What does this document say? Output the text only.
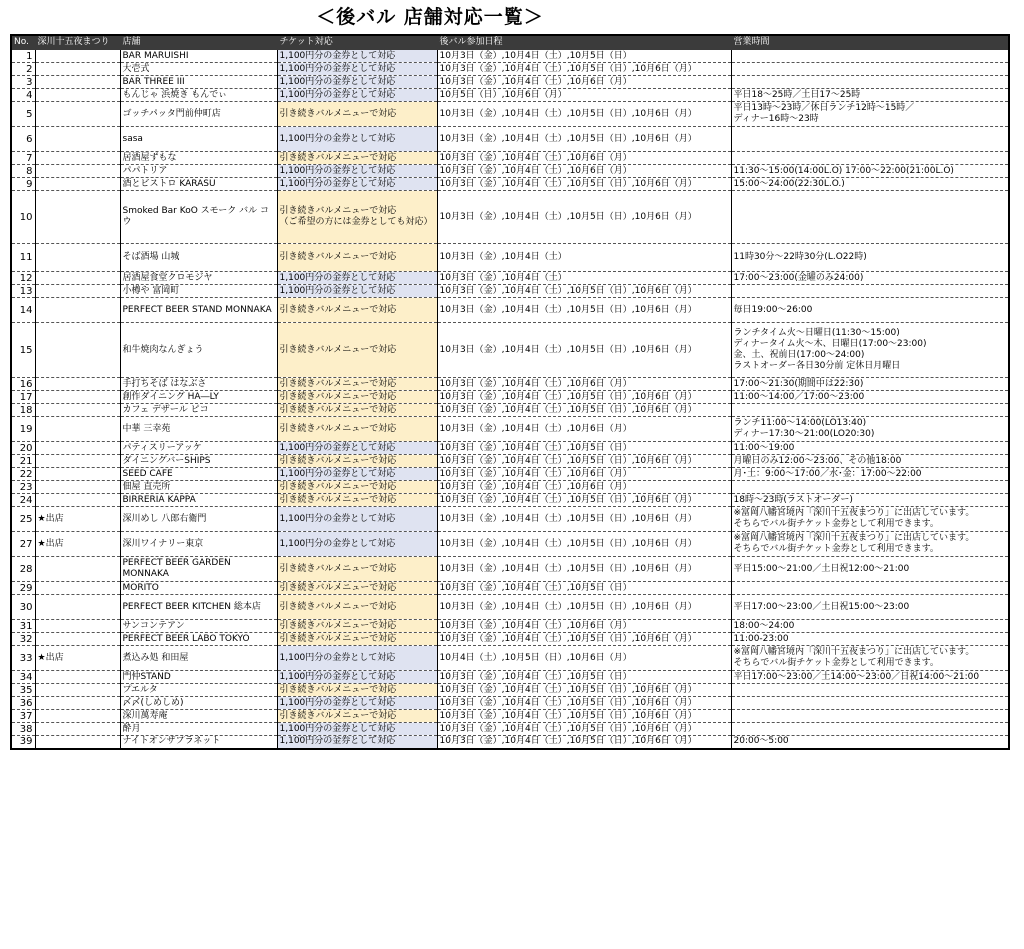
＜後バル 店舗対応一覧＞
No.	深川十五夜まつり	店舗	チケット対応	後バル参加日程	営業時間
1		BAR MARUISHI	1,100円分の金券として対応	10月3日（金）,10月4日（土）,10月5日（日）	
2		大壱式	1,100円分の金券として対応	10月3日（金）,10月4日（土）,10月5日（日）,10月6日（月）	
3		BAR THREE III	1,100円分の金券として対応	10月3日（金）,10月4日（土）,10月6日（月）	
4		もんじゃ 浜焼き もんでぃ	1,100円分の金券として対応	10月5日（日）,10月6日（月）	平日18～25時／土日17～25時
5		ゴッチパッタ門前仲町店	引き続きバルメニューで対応	10月3日（金）,10月4日（土）,10月5日（日）,10月6日（月）	平日13時～23時／休日ランチ12時～15時／
ディナー16時～23時
6		sasa	1,100円分の金券として対応	10月3日（金）,10月4日（土）,10月5日（日）,10月6日（月）	
7		居酒屋ずもな	引き続きバルメニューで対応	10月3日（金）,10月4日（土）,10月6日（月）	
8		パパトリア	1,100円分の金券として対応	10月3日（金）,10月4日（土）,10月6日（月）	11:30～15:00(14:00L.O) 17:00～22:00(21:00L.O)
9		酒とビストロ KARASU	1,100円分の金券として対応	10月3日（金）,10月4日（土）,10月5日（日）,10月6日（月）	15:00～24:00(22:30L.O.)
10		Smoked Bar KoO スモーク バル コウ	引き続きバルメニューで対応
（ご希望の方には金券としても対応）	10月3日（金）,10月4日（土）,10月5日（日）,10月6日（月）	
11		そば酒場 山城	引き続きバルメニューで対応	10月3日（金）,10月4日（土）	11時30分～22時30分(L.O22時)
12		居酒屋食堂クロモジヤ	1,100円分の金券として対応	10月3日（金）,10月4日（土）	17:00～23:00(金曜のみ24:00)
13		小樽や 富岡町	1,100円分の金券として対応	10月3日（金）,10月4日（土）,10月5日（日）,10月6日（月）	
14		PERFECT BEER STAND MONNAKA	引き続きバルメニューで対応	10月3日（金）,10月4日（土）,10月5日（日）,10月6日（月）	毎日19:00～26:00
15		和牛焼肉なんぎょう	引き続きバルメニューで対応	10月3日（金）,10月4日（土）,10月5日（日）,10月6日（月）	ランチタイム火～日曜日(11:30～15:00)
ディナータイム火～木、日曜日(17:00～23:00)
金、土、祝前日(17:00～24:00)
ラストオーダー各日30分前 定休日月曜日
16		手打ちそば はなぶさ	引き続きバルメニューで対応	10月3日（金）,10月4日（土）,10月6日（月）	17:00～21:30(期間中は22:30)
17		創作ダイニング HA―LY	引き続きバルメニューで対応	10月3日（金）,10月4日（土）,10月5日（日）,10月6日（月）	11:00～14:00／17:00～23:00
18		カフェ デザール ピコ	引き続きバルメニューで対応	10月3日（金）,10月4日（土）,10月5日（日）,10月6日（月）	
19		中華 三幸苑	引き続きバルメニューで対応	10月3日（金）,10月4日（土）,10月6日（月）	ランチ11:00～14:00(LO13:40)
ディナー17:30～21:00(LO20:30)
20		パティスリーアッケ	1,100円分の金券として対応	10月3日（金）,10月4日（土）,10月5日（日）	11:00～19:00
21		ダイニングバーSHIPS	引き続きバルメニューで対応	10月3日（金）,10月4日（土）,10月5日（日）,10月6日（月）	月曜日のみ12:00～23:00、その他18:00
22		SEED CAFE	1,100円分の金券として対応	10月3日（金）,10月4日（土）,10月6日（月）	月･土：9:00～17:00／水･金：17:00～22:00
23		佃屋 直売所	引き続きバルメニューで対応	10月3日（金）,10月4日（土）,10月6日（月）	
24		BIRRERIA KAPPA	引き続きバルメニューで対応	10月3日（金）,10月4日（土）,10月5日（日）,10月6日（月）	18時～23時(ラストオーダー)
25	★出店	深川めし 八郎右衛門	1,100円分の金券として対応	10月3日（金）,10月4日（土）,10月5日（日）,10月6日（月）	※富岡八幡宮境内「深川十五夜まつり」に出店しています。
そちらでバル街チケット金券として利用できます。
27	★出店	深川ワイナリー東京	1,100円分の金券として対応	10月3日（金）,10月4日（土）,10月5日（日）,10月6日（月）	※富岡八幡宮境内「深川十五夜まつり」に出店しています。
そちらでバル街チケット金券として利用できます。
28		PERFECT BEER GARDEN MONNAKA	引き続きバルメニューで対応	10月3日（金）,10月4日（土）,10月5日（日）,10月6日（月）	平日15:00～21:00／土日祝12:00～21:00
29		MORITO	引き続きバルメニューで対応	10月3日（金）,10月4日（土）,10月5日（日）	
30		PERFECT BEER KITCHEN 総本店	引き続きバルメニューで対応	10月3日（金）,10月4日（土）,10月5日（日）,10月6日（月）	平日17:00～23:00／土日祝15:00～23:00
31		サンコンテアン	引き続きバルメニューで対応	10月3日（金）,10月4日（土）,10月6日（月）	18:00～24:00
32		PERFECT BEER LABO TOKYO	引き続きバルメニューで対応	10月3日（金）,10月4日（土）,10月5日（日）,10月6日（月）	11:00-23:00
33	★出店	煮込み処 和田屋	1,100円分の金券として対応	10月4日（土）,10月5日（日）,10月6日（月）	※富岡八幡宮境内「深川十五夜まつり」に出店しています。
そちらでバル街チケット金券として利用できます。
34		門仲STAND	1,100円分の金券として対応	10月3日（金）,10月4日（土）,10月5日（日）	平日17:00～23:00／土14:00～23:00／日祝14:00～21:00
35		プエルタ	引き続きバルメニューで対応	10月3日（金）,10月4日（土）,10月5日（日）,10月6日（月）	
36		〆〆(しめしめ)	1,100円分の金券として対応	10月3日（金）,10月4日（土）,10月5日（日）,10月6日（月）	
37		深川萬寿庵	引き続きバルメニューで対応	10月3日（金）,10月4日（土）,10月5日（日）,10月6日（月）	
38		酔月	1,100円分の金券として対応	10月3日（金）,10月4日（土）,10月5日（日）,10月6日（月）	
39		ナイトオンザプラネット	1,100円分の金券として対応	10月3日（金）,10月4日（土）,10月5日（日）,10月6日（月）	20:00～5:00
